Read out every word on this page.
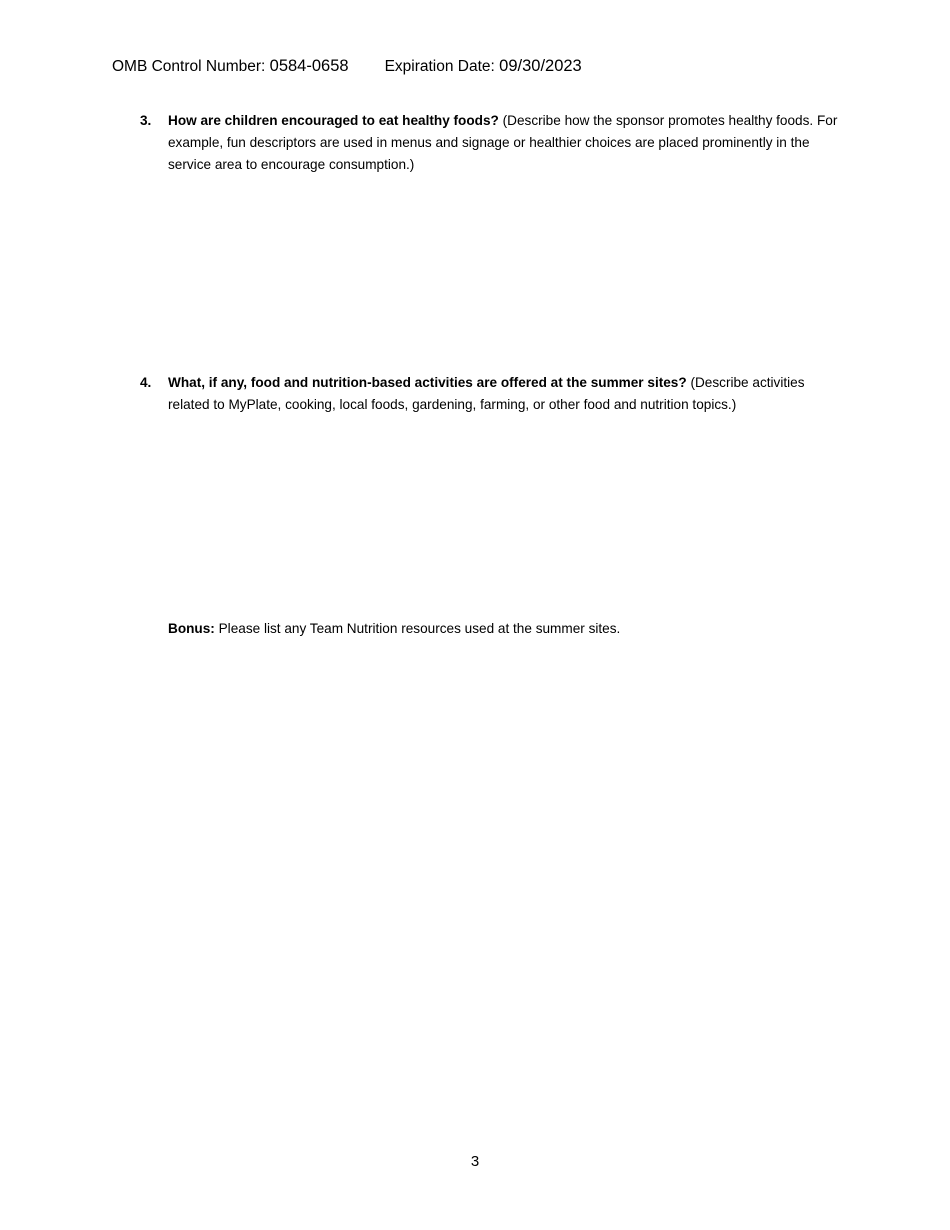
OMB Control Number: 0584-0658 Expiration Date: 09/30/2023
3. How are children encouraged to eat healthy foods? (Describe how the sponsor promotes healthy foods. For example, fun descriptors are used in menus and signage or healthier choices are placed prominently in the service area to encourage consumption.)
4. What, if any, food and nutrition-based activities are offered at the summer sites? (Describe activities related to MyPlate, cooking, local foods, gardening, farming, or other food and nutrition topics.)
Bonus: Please list any Team Nutrition resources used at the summer sites.
3
